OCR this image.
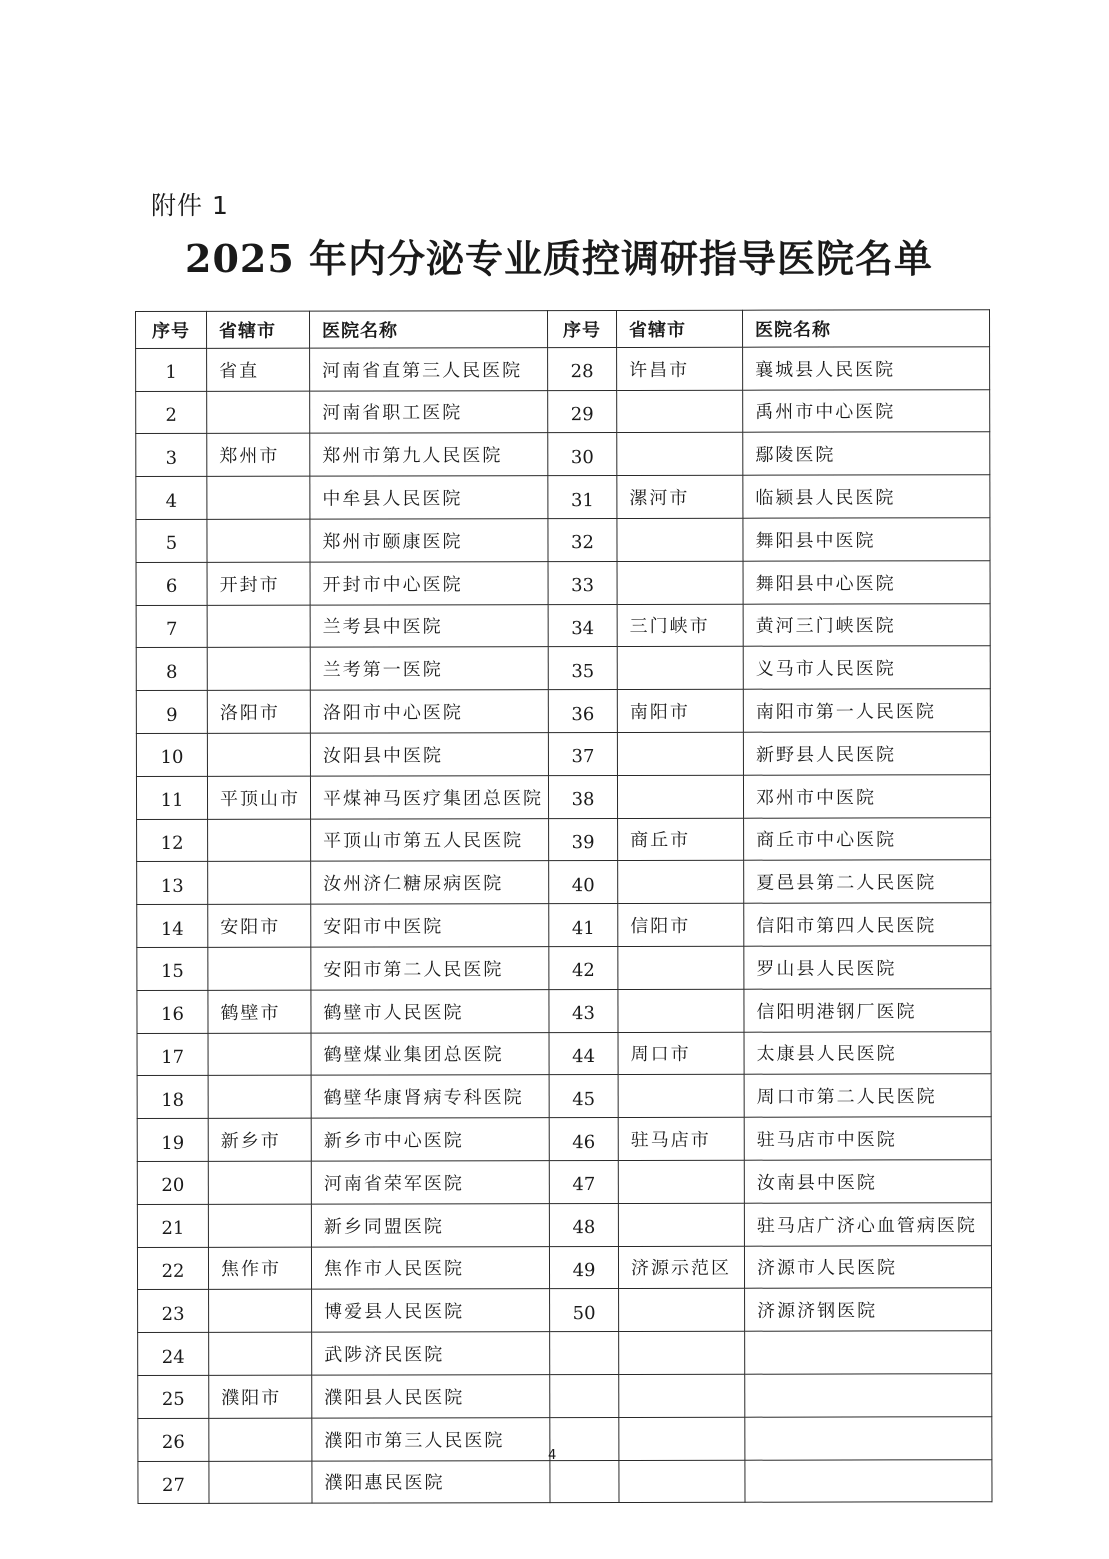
附件 1
2025 年内分泌专业质控调研指导医院名单
序号	省辖市	医院名称	序号	省辖市	医院名称
1	省直	河南省直第三人民医院	28	许昌市	襄城县人民医院
2		河南省职工医院	29		禹州市中心医院
3	郑州市	郑州市第九人民医院	30		鄢陵医院
4		中牟县人民医院	31	漯河市	临颍县人民医院
5		郑州市颐康医院	32		舞阳县中医院
6	开封市	开封市中心医院	33		舞阳县中心医院
7		兰考县中医院	34	三门峡市	黄河三门峡医院
8		兰考第一医院	35		义马市人民医院
9	洛阳市	洛阳市中心医院	36	南阳市	南阳市第一人民医院
10		汝阳县中医院	37		新野县人民医院
11	平顶山市	平煤神马医疗集团总医院	38		邓州市中医院
12		平顶山市第五人民医院	39	商丘市	商丘市中心医院
13		汝州济仁糖尿病医院	40		夏邑县第二人民医院
14	安阳市	安阳市中医院	41	信阳市	信阳市第四人民医院
15		安阳市第二人民医院	42		罗山县人民医院
16	鹤壁市	鹤壁市人民医院	43		信阳明港钢厂医院
17		鹤壁煤业集团总医院	44	周口市	太康县人民医院
18		鹤壁华康肾病专科医院	45		周口市第二人民医院
19	新乡市	新乡市中心医院	46	驻马店市	驻马店市中医院
20		河南省荣军医院	47		汝南县中医院
21		新乡同盟医院	48		驻马店广济心血管病医院
22	焦作市	焦作市人民医院	49	济源示范区	济源市人民医院
23		博爱县人民医院	50		济源济钢医院
24		武陟济民医院			
25	濮阳市	濮阳县人民医院			
26		濮阳市第三人民医院			
27		濮阳惠民医院			
4
